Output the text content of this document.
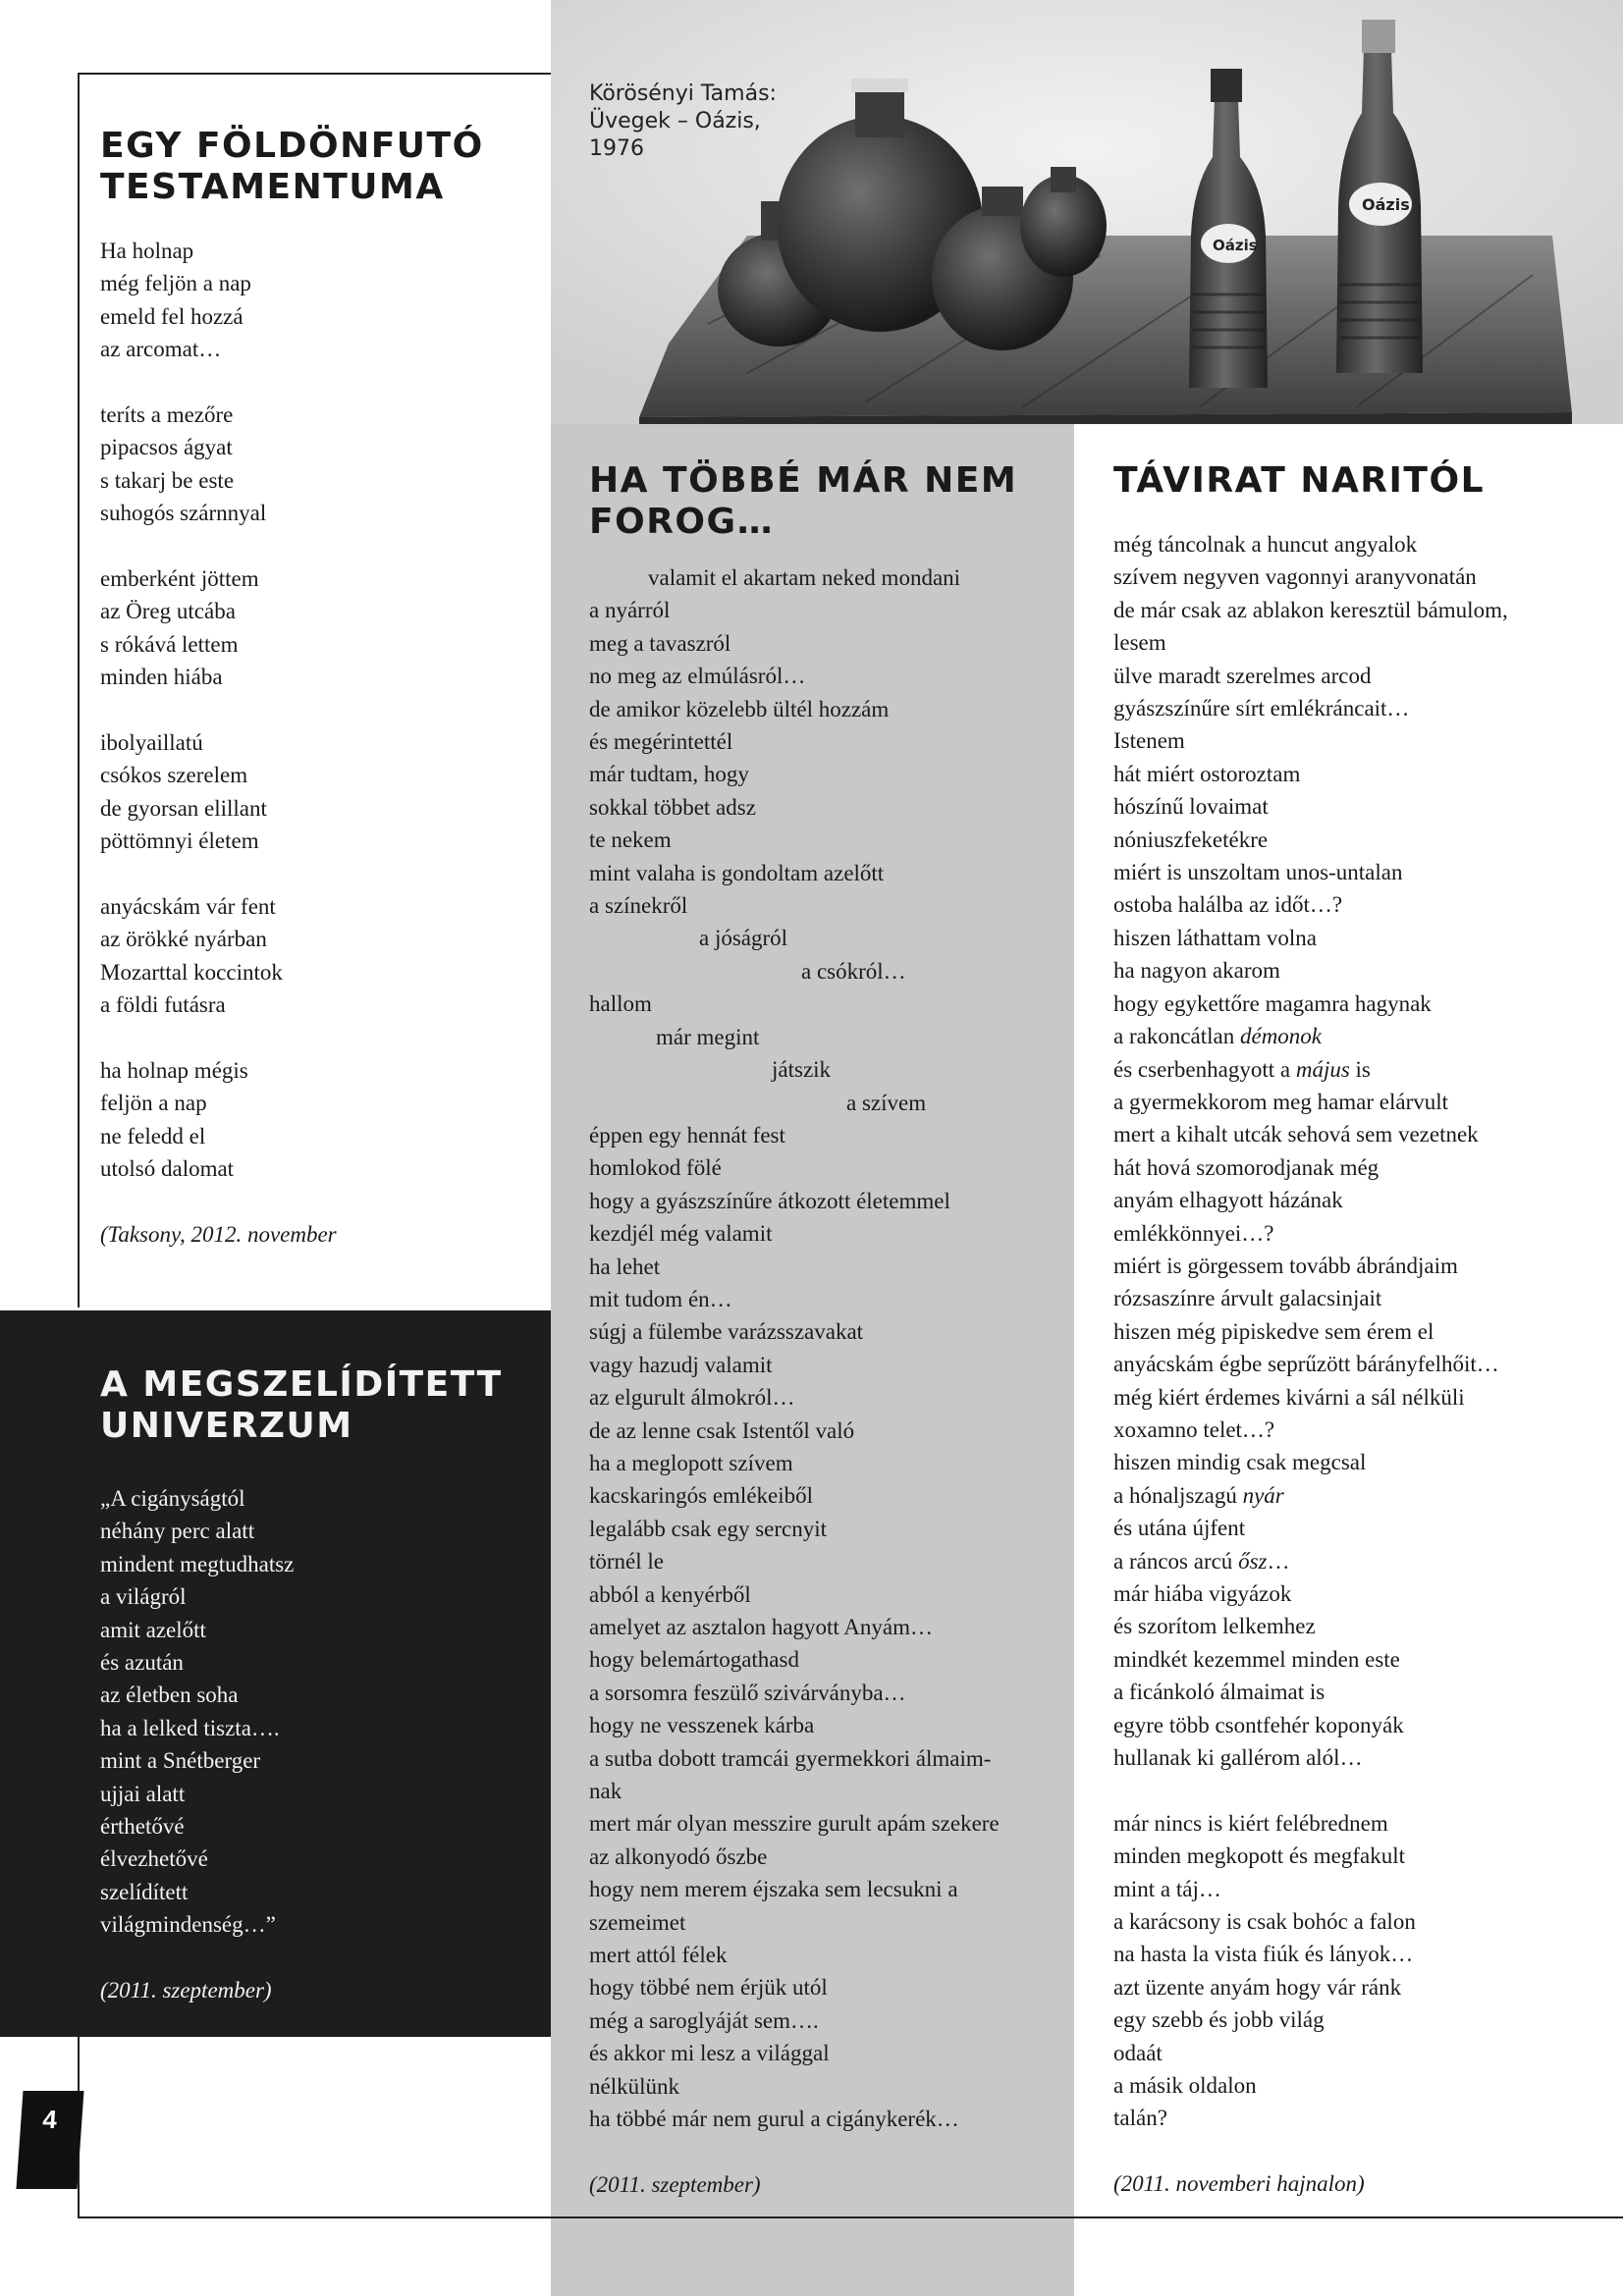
Oázis
Oázis
Körösényi Tamás:
Üvegek – Oázis,
1976
4
EGY FÖLDÖNFUTÓ
TESTAMENTUMA
Ha holnap
még feljön a nap
emeld fel hozzá
az arcomat…
teríts a mezőre
pipacsos ágyat
s takarj be este
suhogós szárnnyal
emberként jöttem
az Öreg utcába
s rókává lettem
minden hiába
ibolyaillatú
csókos szerelem
de gyorsan elillant
pöttömnyi életem
anyácskám vár fent
az örökké nyárban
Mozarttal koccintok
a földi futásra
ha holnap mégis
feljön a nap
ne feledd el
utolsó dalomat
(Taksony, 2012. november
A MEGSZELÍDÍTETT
UNIVERZUM
„A cigányságtól
néhány perc alatt
mindent megtudhatsz
a világról
amit azelőtt
és azután
az életben soha
ha a lelked tiszta….
mint a Snétberger
ujjai alatt
érthetővé
élvezhetővé
szelídített
világmindenség…”
(2011. szeptember)
HA TÖBBÉ MÁR NEM
FOROG…
valamit el akartam neked mondani
a nyárról
meg a tavaszról
no meg az elmúlásról…
de amikor közelebb ültél hozzám
és megérintettél
már tudtam, hogy
sokkal többet adsz
te nekem
mint valaha is gondoltam azelőtt
a színekről
a jóságról
a csókról…
hallom
már megint
játszik
a szívem
éppen egy hennát fest
homlokod fölé
hogy a gyászszínűre átkozott életemmel
kezdjél még valamit
ha lehet
mit tudom én…
súgj a fülembe varázsszavakat
vagy hazudj valamit
az elgurult álmokról…
de az lenne csak Istentől való
ha a meglopott szívem
kacskaringós emlékeiből
legalább csak egy sercnyit
törnél le
abból a kenyérből
amelyet az asztalon hagyott Anyám…
hogy belemártogathasd
a sorsomra feszülő szivárványba…
hogy ne vesszenek kárba
a sutba dobott tramcái gyermekkori álmaim-
nak
mert már olyan messzire gurult apám szekere
az alkonyodó őszbe
hogy nem merem éjszaka sem lecsukni a
szemeimet
mert attól félek
hogy többé nem érjük utól
még a saroglyáját sem….
és akkor mi lesz a világgal
nélkülünk
ha többé már nem gurul a cigánykerék…
(2011. szeptember)
TÁVIRAT NARITÓL
még táncolnak a huncut angyalok
szívem negyven vagonnyi aranyvonatán
de már csak az ablakon keresztül bámulom,
lesem
ülve maradt szerelmes arcod
gyászszínűre sírt emlékráncait…
Istenem
hát miért ostoroztam
hószínű lovaimat
nóniuszfeketékre
miért is unszoltam unos-untalan
ostoba halálba az időt…?
hiszen láthattam volna
ha nagyon akarom
hogy egykettőre magamra hagynak
a rakoncátlan démonok
és cserbenhagyott a május is
a gyermekkorom meg hamar elárvult
mert a kihalt utcák sehová sem vezetnek
hát hová szomorodjanak még
anyám elhagyott házának
emlékkönnyei…?
miért is görgessem tovább ábrándjaim
rózsaszínre árvult galacsinjait
hiszen még pipiskedve sem érem el
anyácskám égbe seprűzött bárányfelhőit…
még kiért érdemes kivárni a sál nélküli
xoxamno telet…?
hiszen mindig csak megcsal
a hónaljszagú nyár
és utána újfent
a ráncos arcú ősz…
már hiába vigyázok
és szorítom lelkemhez
mindkét kezemmel minden este
a ficánkoló álmaimat is
egyre több csontfehér koponyák
hullanak ki gallérom alól…
már nincs is kiért felébrednem
minden megkopott és megfakult
mint a táj…
a karácsony is csak bohóc a falon
na hasta la vista fiúk és lányok…
azt üzente anyám hogy vár ránk
egy szebb és jobb világ
odaát
a másik oldalon
talán?
(2011. novemberi hajnalon)
